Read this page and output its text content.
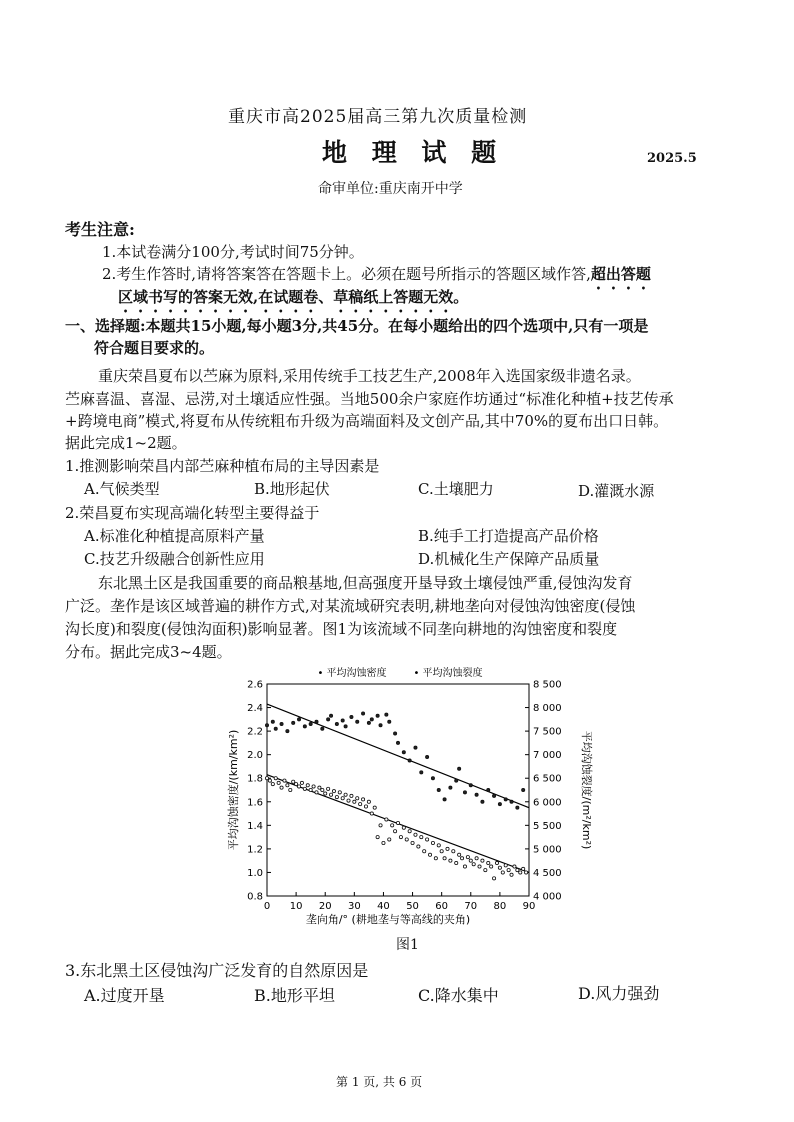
重庆市高2025届高三第九次质量检测
地 理 试 题	2025.5
命审单位:重庆南开中学
考生注意:
1.本试卷满分100分,考试时间75分钟。
2.考生作答时,请将答案答在答题卡上。必须在题号所指示的答题区域作答,超出答题
区域书写的答案无效,在试题卷、草稿纸上答题无效。
一、选择题:本题共15小题,每小题3分,共45分。在每小题给出的四个选项中,只有一项是
符合题目要求的。
重庆荣昌夏布以苎麻为原料,采用传统手工技艺生产,2008年入选国家级非遗名录。
苎麻喜温、喜湿、忌涝,对土壤适应性强。当地500余户家庭作坊通过“标准化种植+技艺传承
+跨境电商”模式,将夏布从传统粗布升级为高端面料及文创产品,其中70%的夏布出口日韩。
据此完成1~2题。
1.推测影响荣昌内部苎麻种植布局的主导因素是
A.气候类型	B.地形起伏	C.土壤肥力	D.灌溉水源
2.荣昌夏布实现高端化转型主要得益于
A.标准化种植提高原料产量	B.纯手工打造提高产品价格
C.技艺升级融合创新性应用	D.机械化生产保障产品质量
东北黑土区是我国重要的商品粮基地,但高强度开垦导致土壤侵蚀严重,侵蚀沟发育
广泛。垄作是该区域普遍的耕作方式,对某流域研究表明,耕地垄向对侵蚀沟蚀密度(侵蚀
沟长度)和裂度(侵蚀沟面积)影响显著。图1为该流域不同垄向耕地的沟蚀密度和裂度
分布。据此完成3~4题。
0 10 20 30 40 50 60 70 80 90
0.8
1.0
1.2
1.4
1.6
1.8
2.0
2.2
2.4
2.6
4 000
4 500
5 000
5 500
6 000
6 500
7 000
7 500
8 000
8 500
平均沟蚀密度/(km/km²)	平均沟蚀裂度/(m²/km²)
垄向角/° (耕地垄与等高线的夹角)
• 平均沟蚀密度	• 平均沟蚀裂度
图1
3.东北黑土区侵蚀沟广泛发育的自然原因是
A.过度开垦	B.地形平坦	C.降水集中	D.风力强劲
第 1 页, 共 6 页
